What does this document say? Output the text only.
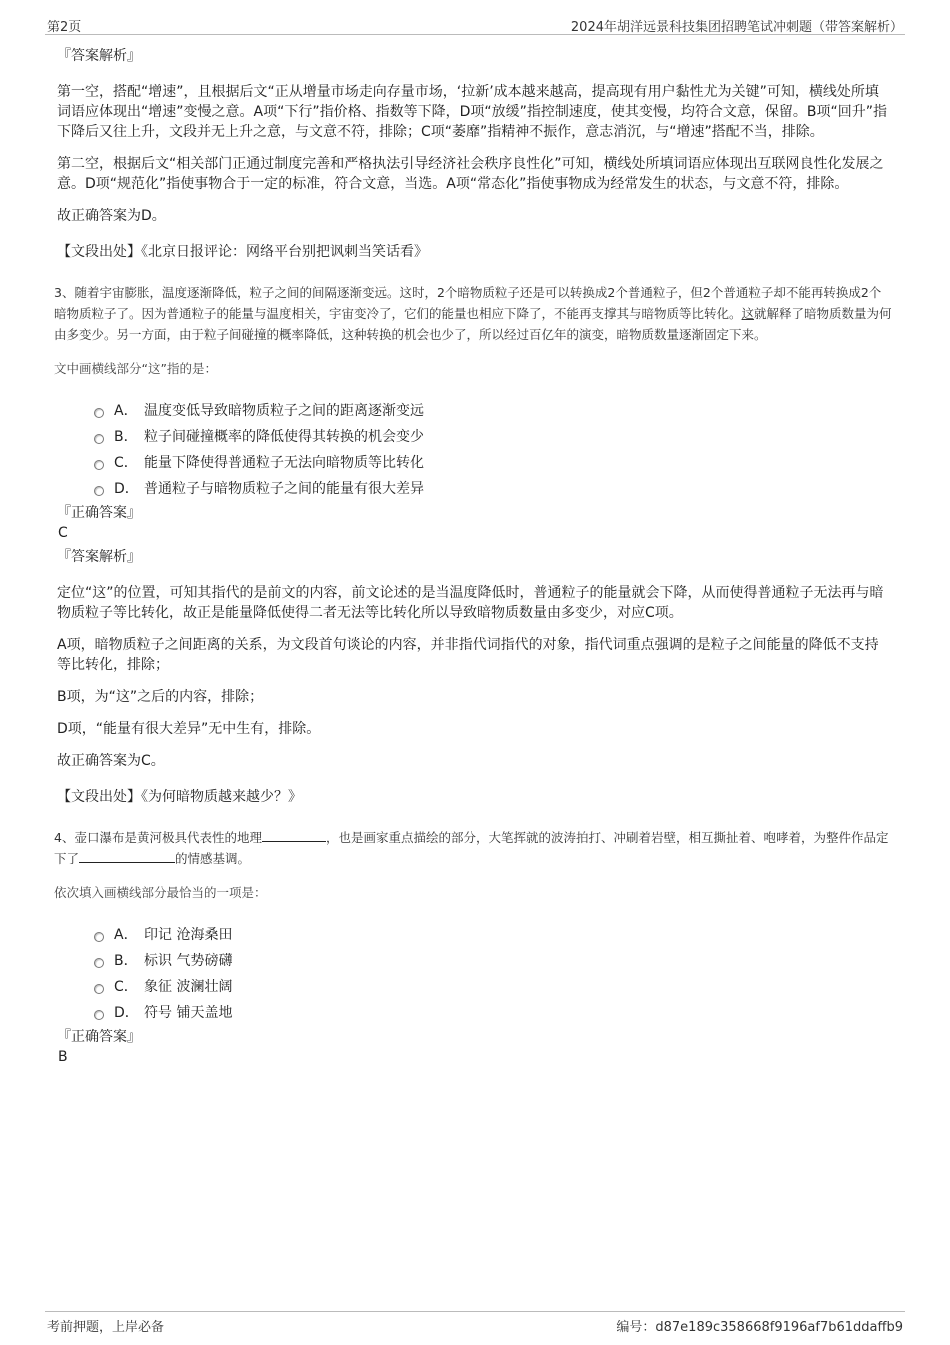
第2页	2024年胡洋远景科技集团招聘笔试冲刺题（带答案解析）
『答案解析』
第一空，搭配“增速”，且根据后文“正从增量市场走向存量市场，‘拉新’成本越来越高，提高现有用户黏性尤为关键”可知，横线处所填词语应体现出“增速”变慢之意。A项“下行”指价格、指数等下降，D项“放缓”指控制速度，使其变慢，均符合文意，保留。B项“回升”指下降后又往上升，文段并无上升之意，与文意不符，排除；C项“萎靡”指精神不振作，意志消沉，与“增速”搭配不当，排除。
第二空，根据后文“相关部门正通过制度完善和严格执法引导经济社会秩序良性化”可知，横线处所填词语应体现出互联网良性化发展之意。D项“规范化”指使事物合于一定的标准，符合文意，当选。A项“常态化”指使事物成为经常发生的状态，与文意不符，排除。
故正确答案为D。
【文段出处】《北京日报评论：网络平台别把讽刺当笑话看》
3、随着宇宙膨胀，温度逐渐降低，粒子之间的间隔逐渐变远。这时，2个暗物质粒子还是可以转换成2个普通粒子，但2个普通粒子却不能再转换成2个暗物质粒子了。因为普通粒子的能量与温度相关，宇宙变冷了，它们的能量也相应下降了，不能再支撑其与暗物质等比转化。这就解释了暗物质数量为何由多变少。另一方面，由于粒子间碰撞的概率降低，这种转换的机会也少了，所以经过百亿年的演变，暗物质数量逐渐固定下来。
文中画横线部分“这”指的是：
A． 温度变低导致暗物质粒子之间的距离逐渐变远
B． 粒子间碰撞概率的降低使得其转换的机会变少
C． 能量下降使得普通粒子无法向暗物质等比转化
D． 普通粒子与暗物质粒子之间的能量有很大差异
『正确答案』
C
『答案解析』
定位“这”的位置，可知其指代的是前文的内容，前文论述的是当温度降低时，普通粒子的能量就会下降，从而使得普通粒子无法再与暗物质粒子等比转化，故正是能量降低使得二者无法等比转化所以导致暗物质数量由多变少，对应C项。
A项，暗物质粒子之间距离的关系，为文段首句谈论的内容，并非指代词指代的对象，指代词重点强调的是粒子之间能量的降低不支持等比转化，排除；
B项，为“这”之后的内容，排除；
D项，“能量有很大差异”无中生有，排除。
故正确答案为C。
【文段出处】《为何暗物质越来越少？》
4、壶口瀑布是黄河极具代表性的地理	，也是画家重点描绘的部分，大笔挥就的波涛拍打、冲刷着岩壁，相互撕扯着、咆哮着，为整件作品定下了	的情感基调。
依次填入画横线部分最恰当的一项是：
A． 印记 沧海桑田
B． 标识 气势磅礴
C． 象征 波澜壮阔
D． 符号 铺天盖地
『正确答案』
B
考前押题，上岸必备	编号：d87e189c358668f9196af7b61ddaffb9
